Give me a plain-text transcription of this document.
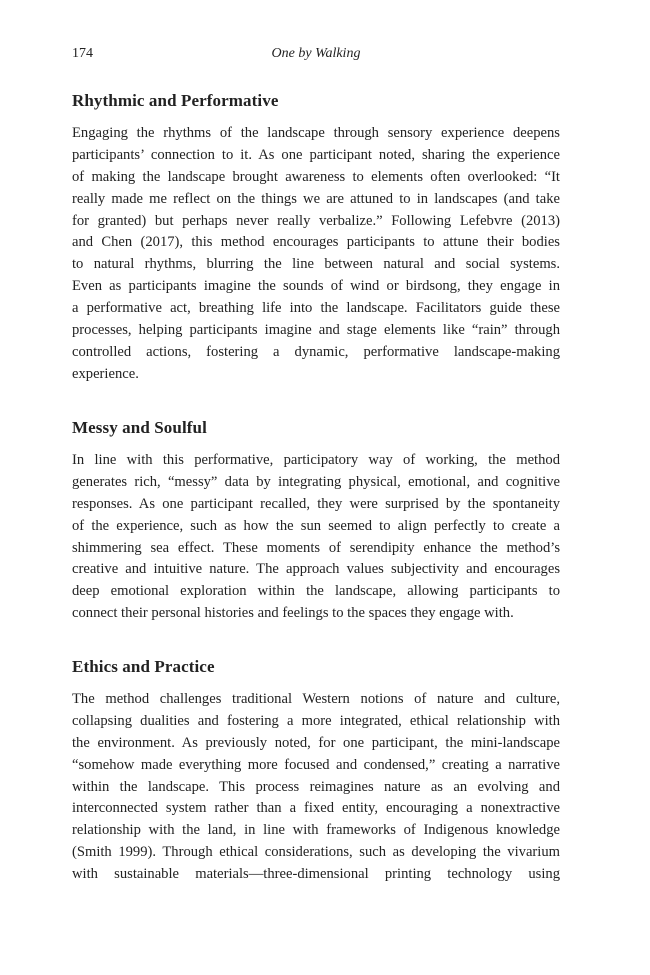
174	One by Walking
Rhythmic and Performative
Engaging the rhythms of the landscape through sensory experience deepens
participants’ connection to it. As one participant noted, sharing the experience
of making the landscape brought awareness to elements often overlooked: “It
really made me reflect on the things we are attuned to in landscapes (and take
for granted) but perhaps never really verbalize.” Following Lefebvre (2013)
and Chen (2017), this method encourages participants to attune their bodies
to natural rhythms, blurring the line between natural and social systems.
Even as participants imagine the sounds of wind or birdsong, they engage in
a performative act, breathing life into the landscape. Facilitators guide these
processes, helping participants imagine and stage elements like “rain” through
controlled actions, fostering a dynamic, performative landscape-making
experience.
Messy and Soulful
In line with this performative, participatory way of working, the method
generates rich, “messy” data by integrating physical, emotional, and cognitive
responses. As one participant recalled, they were surprised by the spontaneity
of the experience, such as how the sun seemed to align perfectly to create a
shimmering sea effect. These moments of serendipity enhance the method’s
creative and intuitive nature. The approach values subjectivity and encourages
deep emotional exploration within the landscape, allowing participants to
connect their personal histories and feelings to the spaces they engage with.
Ethics and Practice
The method challenges traditional Western notions of nature and culture,
collapsing dualities and fostering a more integrated, ethical relationship with
the environment. As previously noted, for one participant, the mini-landscape
“somehow made everything more focused and condensed,” creating a narrative
within the landscape. This process reimagines nature as an evolving and
interconnected system rather than a fixed entity, encouraging a nonextractive
relationship with the land, in line with frameworks of Indigenous knowledge
(Smith 1999). Through ethical considerations, such as developing the vivarium
with sustainable materials—three-dimensional printing technology using
